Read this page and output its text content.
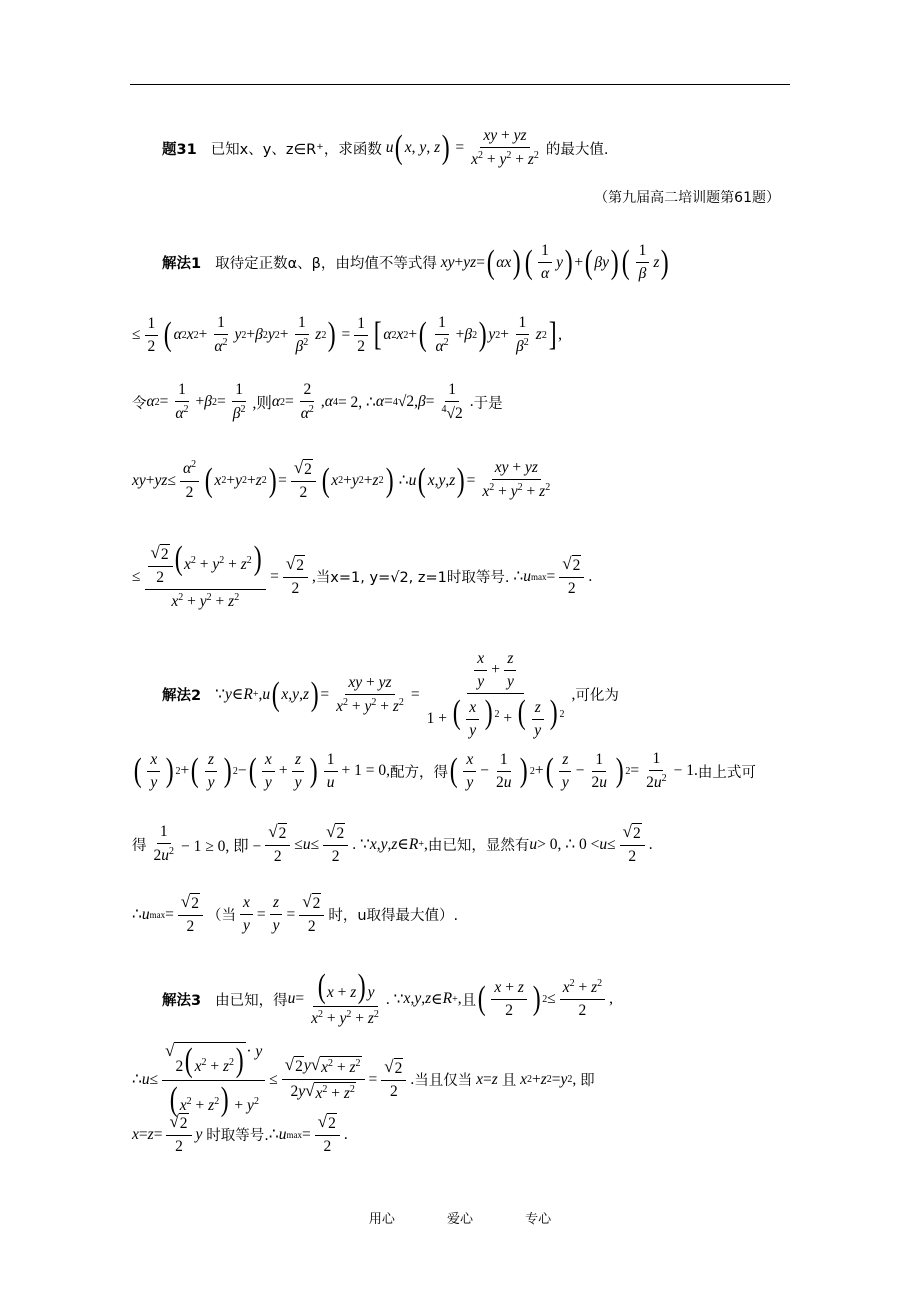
题31 已知x、y、z∈R⁺，求函数
u ( x , y , z ) =
xy + yz
$x^2 + y^2 + z^2$ 的最大值.
（第九届高二培训题第61题）
解法1 取待定正数α、β，由均值不等式得
xy + yz = ( αx ) ( 1
α
y ) + ( βy ) ( 1
β
z )
≤
1
2 ( α 2 x 2 +
1
$\alpha^2$ y 2 + β 2 y 2 +
1
$\beta^2$ z 2 ) =
1
2 [ α 2 x 2 + ( 1
$\alpha^2 + \beta$ 2 ) y 2 +
1
$\beta^2$ z 2 ] ,
令 α 2 =
1
$\alpha^2 + \beta$ 2 =
1
$\beta^2$ ,则 α 2 =
2
$\alpha^2$ , α 4 = 2, ∴ α = 4 √2, β =
1
$^4$√2
. 于是
xy + yz ≤
$\alpha^2$
2 ( x 2 + y 2 + z 2 ) =
√ 2
2 ( x 2 + y 2 + z 2 ) ∴ u ( x , y , z ) =
xy + yz
$x^2 + y^2 + z^2$
≤ $\frac{√ 2}{2}$ ( $x^2 + y^2 + z^2$)
$x^2 + y^2 + z^2$
=
√ 2
2
, 当x=1, y=√2, z=1时取等号. ∴ u max =
√ 2
2
.
解法2 ∵ y ∈ R + , u ( x , y , z ) =
xy + yz
$x^2 + y^2 + z^2$ =
$\frac{x}{y} + \frac{z}{y}$
1 + ( $\frac{x}{y}$ ) $^2$ + ( $\frac{z}{y}$ ) $^2$
, 可化为
( x
y ) 2 + ( z
y ) 2 − ( x
y
+
z
y ) 1
u
+ 1 = 0, 配方，得 ( x
y
−
1
2u ) 2 + ( z
y
−
1
2u ) 2 =
1
$2u^2 - 1$. 由上式可
得
1
$2u^2 - 1 \ge 0$, 即 −
√ 2
2
≤ u ≤
√ 2
2
. ∵ x , y , z ∈ R + , 由已知，显然有 u > 0, ∴ 0 < u ≤
√ 2
2
.
∴ u max =
√ 2
2
（当
x
y
=
z
y
=
√ 2
2
时，u取得最大值）.
解法3 由已知，得 u = ( x + z) y
$x^2 + y^2 + z^2$
. ∵ x , y , z ∈ R + , 且 ( x + z
2 ) 2 ≤
$x^2 + z^2$
2
,
∴ u ≤
√
2( $x^2 + z^2) \cdot y$
( $x^2 + z^2) + y^2$
≤
√ 2 y √ $x^2 + z^2$
2y √ $x^2 + z^2$
=
√ 2
2
. 当且仅当
x = z
且
x 2 + z 2 = y 2 , 即
x = z =
√ 2
2
y
时取等号. ∴ u max =
√ 2
2
.
用心	爱心	专心
